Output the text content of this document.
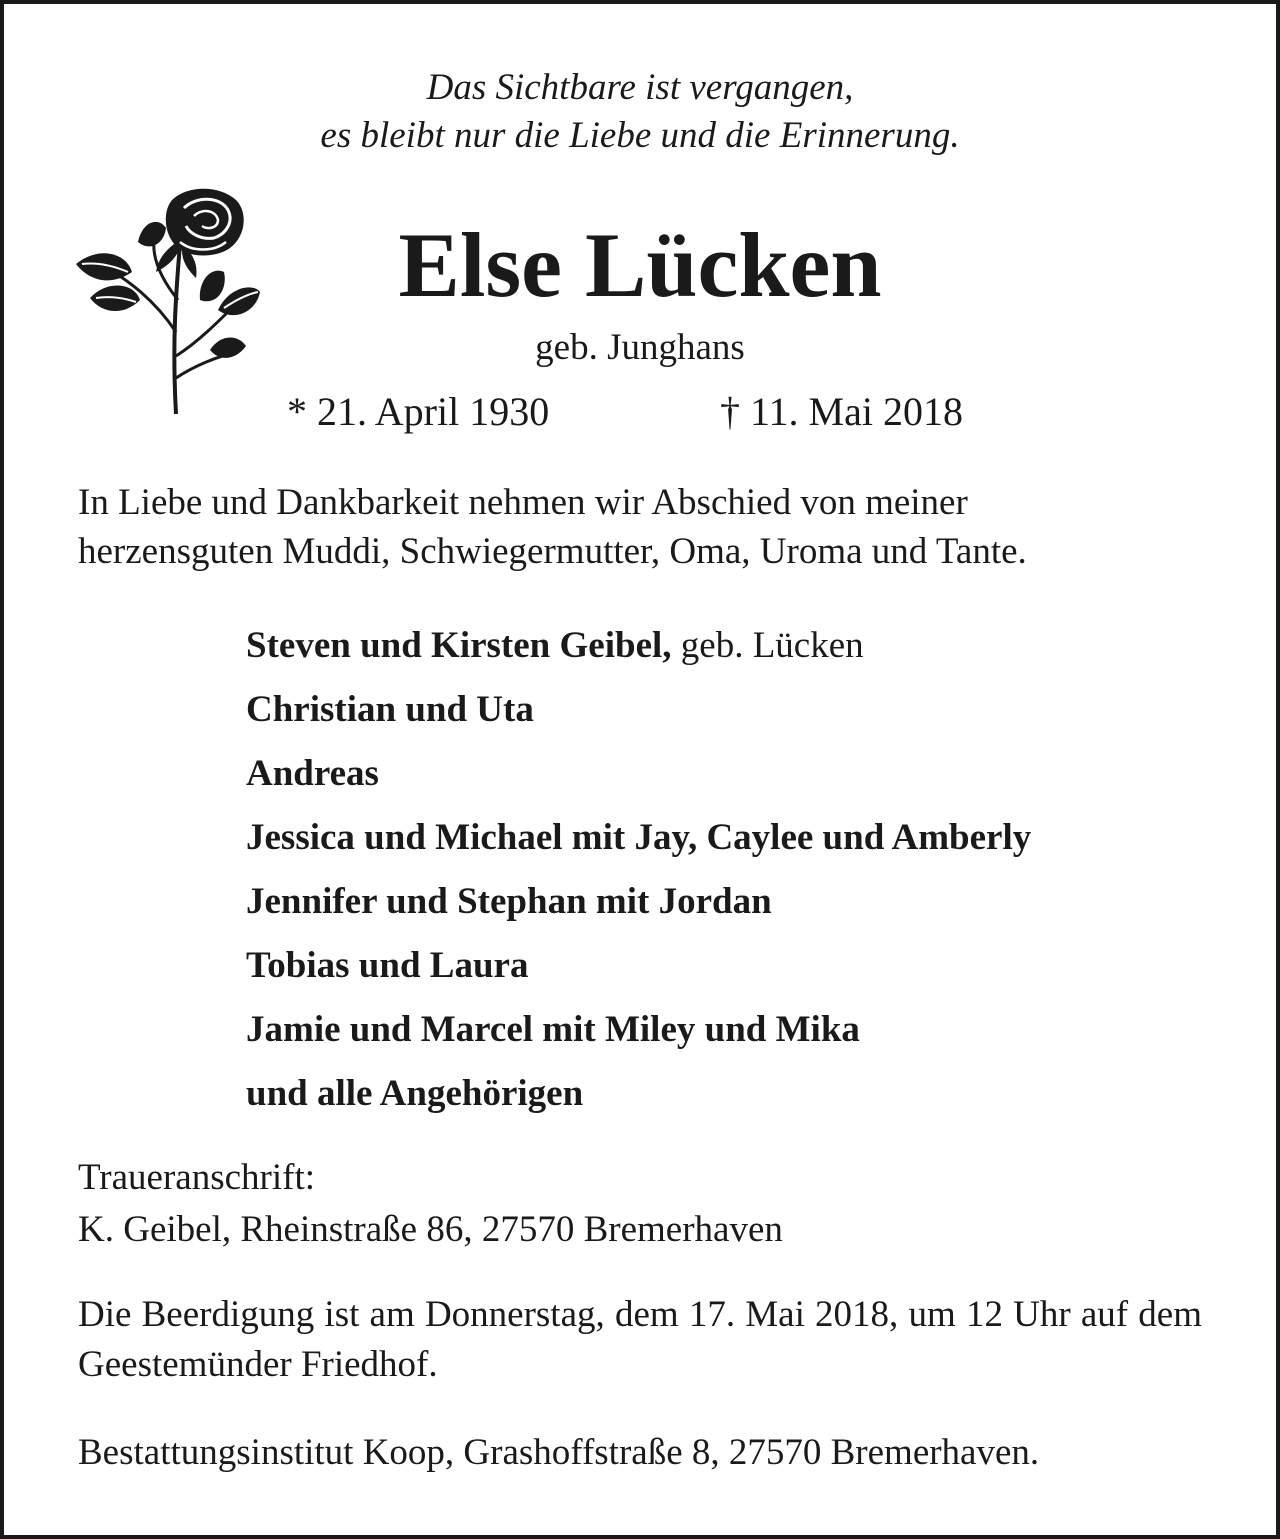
Das Sichtbare ist vergangen,
es bleibt nur die Liebe und die Erinnerung.
Else Lücken
geb. Junghans
* 21. April 1930	† 11. Mai 2018
In Liebe und Dankbarkeit nehmen wir Abschied von meiner
herzensguten Muddi, Schwiegermutter, Oma, Uroma und Tante.
Steven und Kirsten Geibel, geb. Lücken
Christian und Uta
Andreas
Jessica und Michael mit Jay, Caylee und Amberly
Jennifer und Stephan mit Jordan
Tobias und Laura
Jamie und Marcel mit Miley und Mika
und alle Angehörigen
Traueranschrift:
K. Geibel, Rheinstraße 86, 27570 Bremerhaven
Die Beerdigung ist am Donnerstag, dem 17. Mai 2018, um 12 Uhr auf dem Geestemünder Friedhof.
Bestattungsinstitut Koop, Grashoffstraße 8, 27570 Bremerhaven.
